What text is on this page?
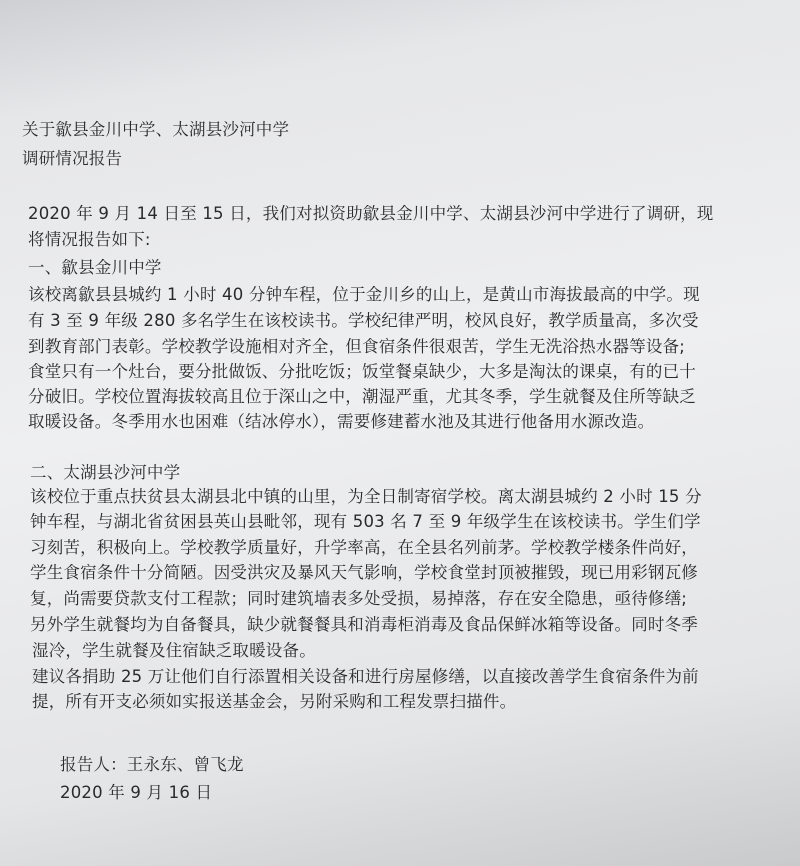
关于歙县金川中学、太湖县沙河中学
调研情况报告
2020 年 9 月 14 日至 15 日，我们对拟资助歙县金川中学、太湖县沙河中学进行了调研，现
将情况报告如下:
一、歙县金川中学
该校离歙县县城约 1 小时 40 分钟车程，位于金川乡的山上，是黄山市海拔最高的中学。现
有 3 至 9 年级 280 多名学生在该校读书。学校纪律严明，校风良好，教学质量高，多次受
到教育部门表彰。学校教学设施相对齐全，但食宿条件很艰苦，学生无洗浴热水器等设备;
食堂只有一个灶台，要分批做饭、分批吃饭；饭堂餐桌缺少，大多是淘汰的课桌，有的已十
分破旧。学校位置海拔较高且位于深山之中，潮湿严重，尤其冬季，学生就餐及住所等缺乏
取暖设备。冬季用水也困难（结冰停水），需要修建蓄水池及其进行他备用水源改造。
二、太湖县沙河中学
该校位于重点扶贫县太湖县北中镇的山里，为全日制寄宿学校。离太湖县城约 2 小时 15 分
钟车程，与湖北省贫困县英山县毗邻，现有 503 名 7 至 9 年级学生在该校读书。学生们学
习刻苦，积极向上。学校教学质量好，升学率高，在全县名列前茅。学校教学楼条件尚好，
学生食宿条件十分简陋。因受洪灾及暴风天气影响，学校食堂封顶被摧毁，现已用彩钢瓦修
复，尚需要贷款支付工程款；同时建筑墙表多处受损，易掉落，存在安全隐患，亟待修缮;
另外学生就餐均为自备餐具，缺少就餐餐具和消毒柜消毒及食品保鲜冰箱等设备。同时冬季
湿冷，学生就餐及住宿缺乏取暖设备。
建议各捐助 25 万让他们自行添置相关设备和进行房屋修缮，以直接改善学生食宿条件为前
提，所有开支必须如实报送基金会，另附采购和工程发票扫描件。
报告人：王永东、曾飞龙
2020 年 9 月 16 日
